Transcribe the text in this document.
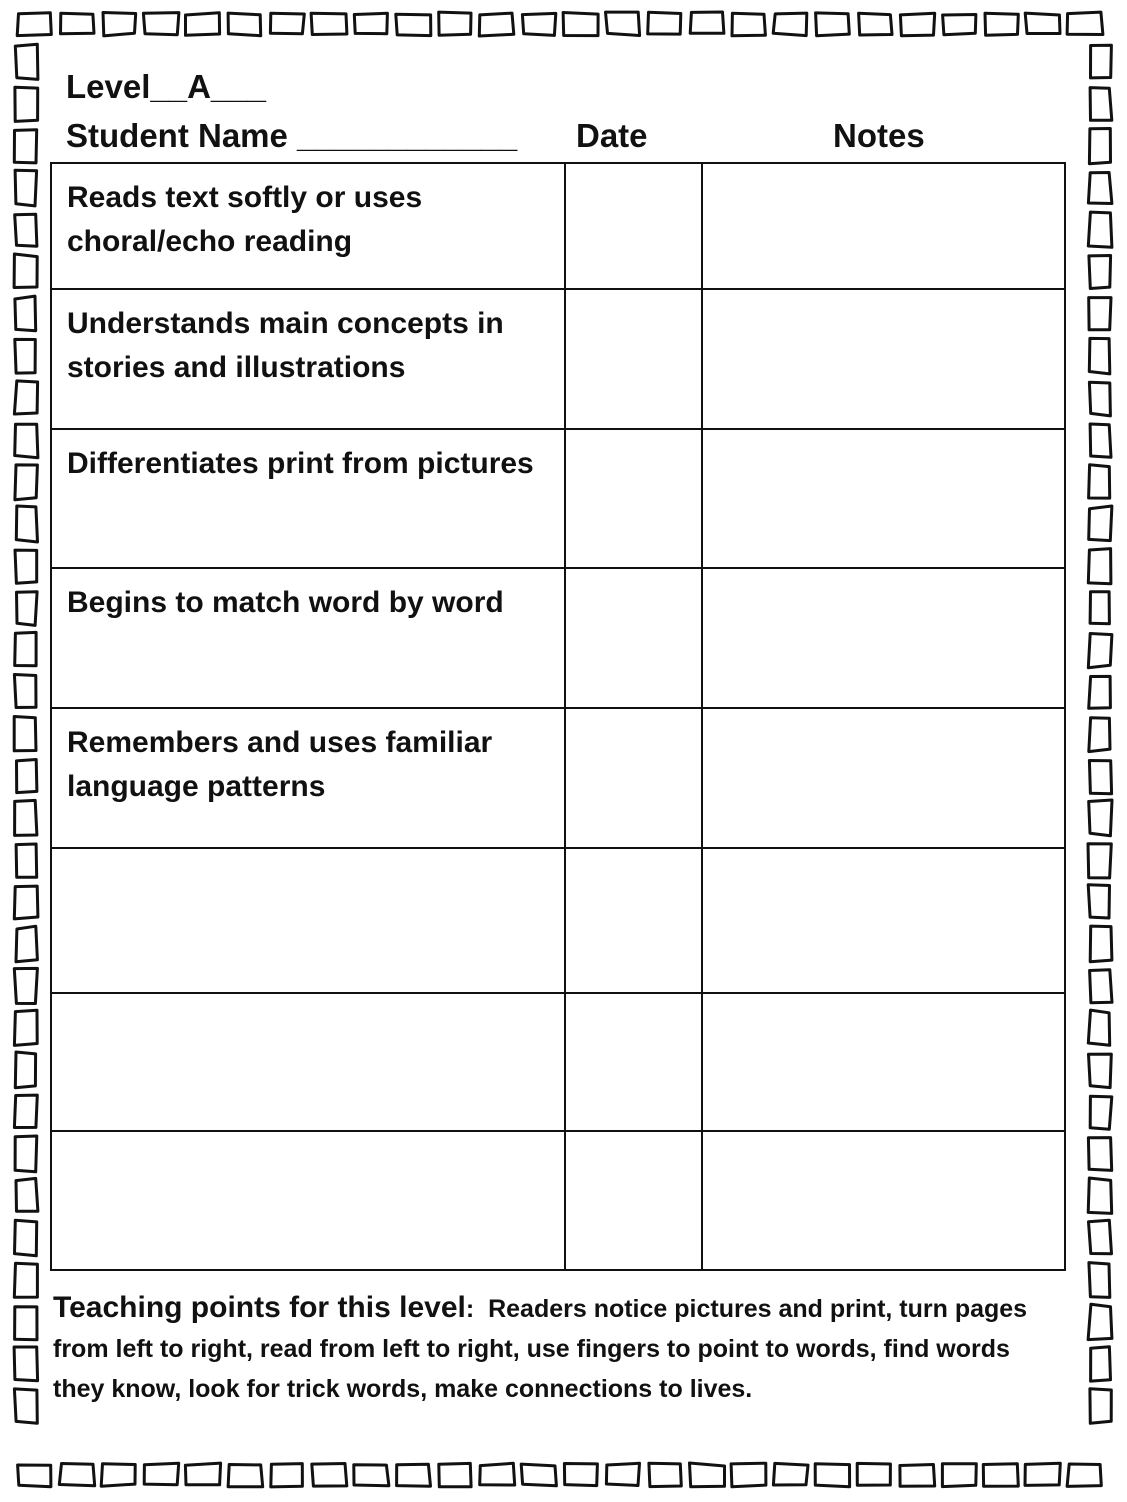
Level__A___
Student Name ____________ Date	Notes
Reads text softly or uses choral/echo reading		
Understands main concepts in stories and illustrations		
Differentiates print from pictures		
Begins to match word by word		
Remembers and uses familiar language patterns		

Teaching points for this level: Readers notice pictures and print, turn pages from left to right, read from left to right, use fingers to point to words, find words they know, look for trick words, make connections to lives.
